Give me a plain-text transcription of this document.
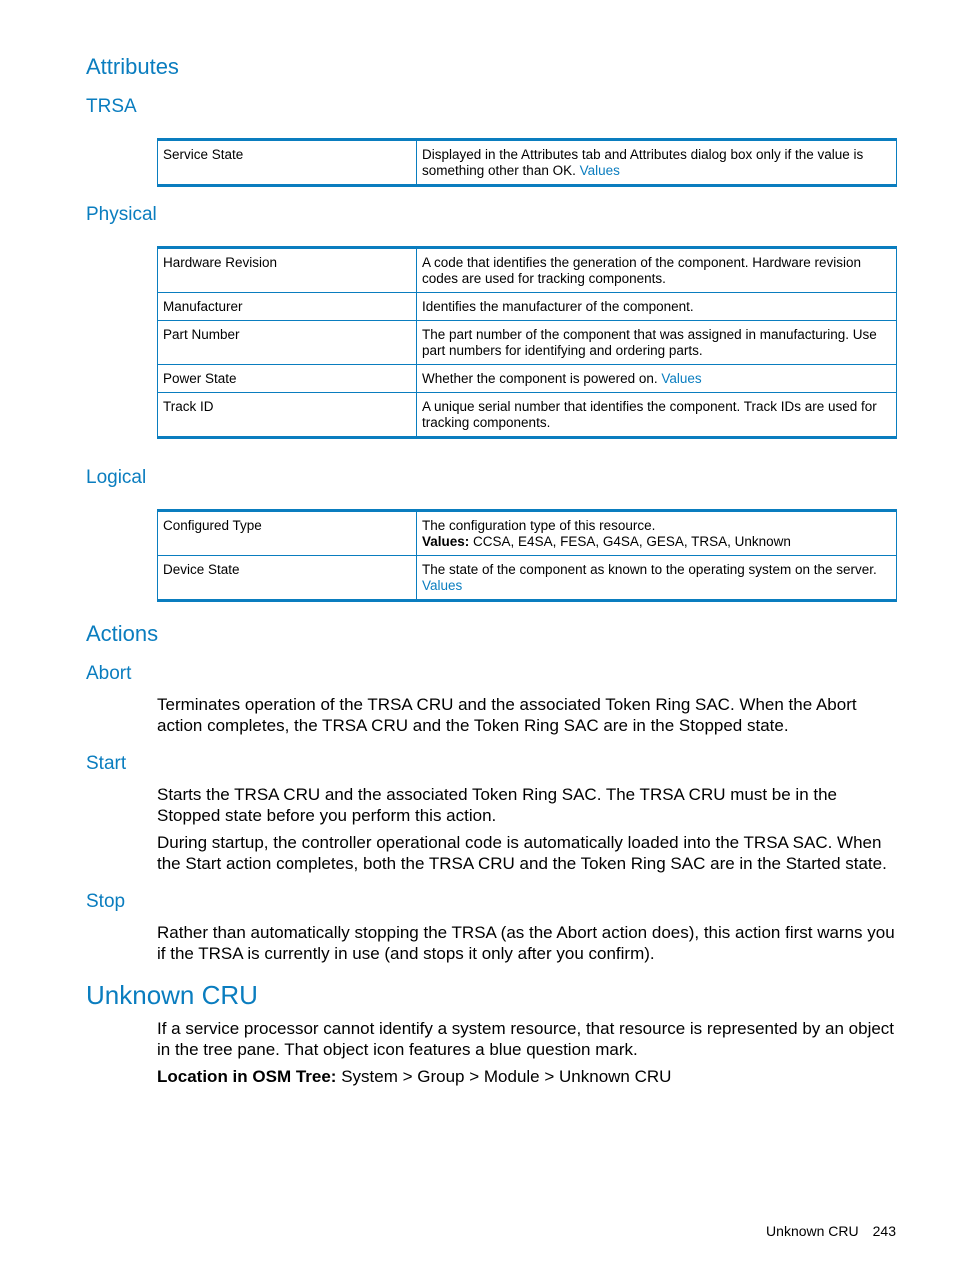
Attributes
TRSA
Service State	Displayed in the Attributes tab and Attributes dialog box only if the value is something other than OK. Values
Physical
Hardware Revision	A code that identifies the generation of the component. Hardware revision codes are used for tracking components.
Manufacturer	Identifies the manufacturer of the component.
Part Number	The part number of the component that was assigned in manufacturing. Use part numbers for identifying and ordering parts.
Power State	Whether the component is powered on. Values
Track ID	A unique serial number that identifies the component. Track IDs are used for tracking components.
Logical
Configured Type	The configuration type of this resource.
Values: CCSA, E4SA, FESA, G4SA, GESA, TRSA, Unknown
Device State	The state of the component as known to the operating system on the server. Values
Actions
Abort

Terminates operation of the TRSA CRU and the associated Token Ring SAC. When the Abort action completes, the TRSA CRU and the Token Ring SAC are in the Stopped state.

Start

Starts the TRSA CRU and the associated Token Ring SAC. The TRSA CRU must be in the Stopped state before you perform this action.

During startup, the controller operational code is automatically loaded into the TRSA SAC. When the Start action completes, both the TRSA CRU and the Token Ring SAC are in the Started state.

Stop

Rather than automatically stopping the TRSA (as the Abort action does), this action first warns you if the TRSA is currently in use (and stops it only after you confirm).

Unknown CRU

If a service processor cannot identify a system resource, that resource is represented by an object in the tree pane. That object icon features a blue question mark.

Location in OSM Tree: System > Group > Module > Unknown CRU

Unknown CRU 243
